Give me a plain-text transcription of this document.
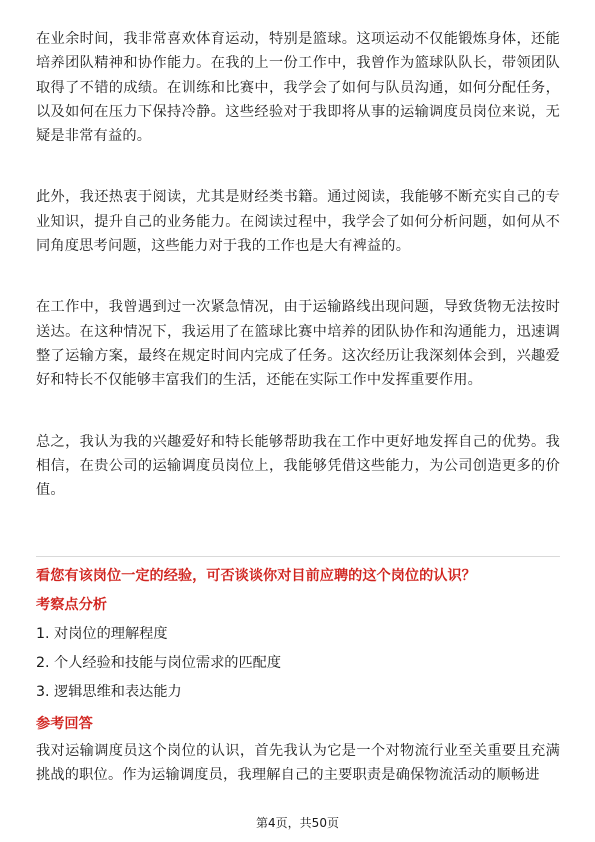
在业余时间，我非常喜欢体育运动，特别是篮球。这项运动不仅能锻炼身体，还能培养团队精神和协作能力。在我的上一份工作中，我曾作为篮球队队长，带领团队取得了不错的成绩。在训练和比赛中，我学会了如何与队员沟通，如何分配任务，以及如何在压力下保持冷静。这些经验对于我即将从事的运输调度员岗位来说，无疑是非常有益的。

此外，我还热衷于阅读，尤其是财经类书籍。通过阅读，我能够不断充实自己的专业知识，提升自己的业务能力。在阅读过程中，我学会了如何分析问题，如何从不同角度思考问题，这些能力对于我的工作也是大有裨益的。

在工作中，我曾遇到过一次紧急情况，由于运输路线出现问题，导致货物无法按时送达。在这种情况下，我运用了在篮球比赛中培养的团队协作和沟通能力，迅速调整了运输方案，最终在规定时间内完成了任务。这次经历让我深刻体会到，兴趣爱好和特长不仅能够丰富我们的生活，还能在实际工作中发挥重要作用。

总之，我认为我的兴趣爱好和特长能够帮助我在工作中更好地发挥自己的优势。我相信，在贵公司的运输调度员岗位上，我能够凭借这些能力，为公司创造更多的价值。

看您有该岗位一定的经验，可否谈谈你对目前应聘的这个岗位的认识？
考察点分析
1. 对岗位的理解程度
2. 个人经验和技能与岗位需求的匹配度
3. 逻辑思维和表达能力
参考回答

我对运输调度员这个岗位的认识，首先我认为它是一个对物流行业至关重要且充满挑战的职位。作为运输调度员，我理解自己的主要职责是确保物流活动的顺畅进

第4页，共50页
